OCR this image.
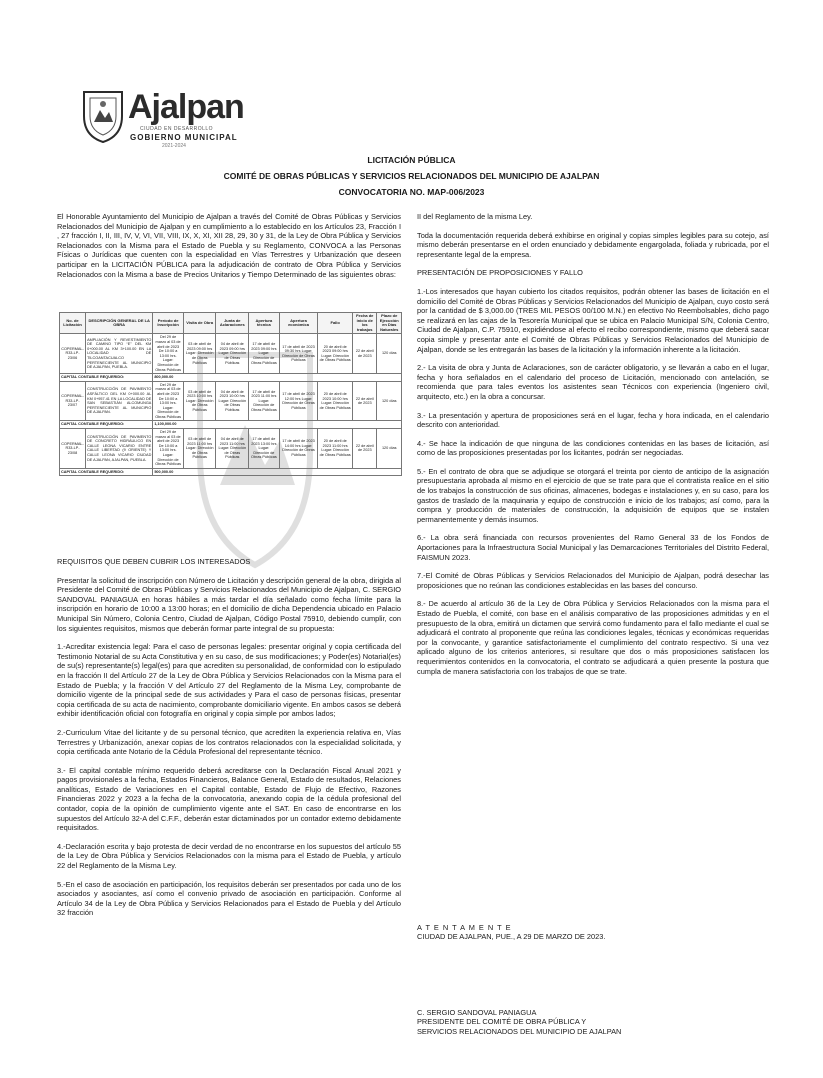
Ajalpan
CIUDAD EN DESARROLLO
GOBIERNO MUNICIPAL
2021-2024
LICITACIÓN PÚBLICA
COMITÉ DE OBRAS PÚBLICAS Y SERVICIOS RELACIONADOS DEL MUNICIPIO DE AJALPAN
CONVOCATORIA NO. MAP-006/2023

El Honorable Ayuntamiento del Municipio de Ajalpan a través del Comité de Obras Públicas y Servicios Relacionados del Municipio de Ajalpan y en cumplimiento a lo establecido en los Artículos 23, Fracción I , 27 fracción I, II, III, IV, V, VI, VII, VIII, IX, X, XI, XII 28, 29, 30 y 31, de la Ley de Obra Pública y Servicios Relacionados con la Misma para el Estado de Puebla y su Reglamento, CONVOCA a las Personas Físicas o Jurídicas que cuenten con la especialidad en Vías Terrestres y Urbanización que deseen participar en la LICITACIÓN PÚBLICA para la adjudicación de contrato de Obra Pública y Servicios Relacionados con la Misma a base de Precios Unitarios y Tiempo Determinado de las siguientes obras:

No. de Licitación	DESCRIPCIÓN GENERAL DE LA OBRA	Período de Inscripción	Visita de Obra	Junta de Aclaraciones	Apertura técnica	Apertura económica	Fallo	Fecha de inicio de los trabajos	Plazo de Ejecución en Días Naturales
COPERMAL-R33-LP-23/06	AMPLIACIÓN Y REVESTIMIENTO DE CAMINO TIPO “E” DEL KM 0+000.00 AL KM 3+100.00 EN LA LOCALIDAD DE TILCOANTACUALCO PERTENECIENTE AL MUNICIPIO DE AJALPAN, PUEBLA.	Del 29 de marzo al 03 de abril de 2023 De 10:00 a 13:00 hrs. Lugar: Dirección de Obras Públicas	03 de abril de 2023 09:00 hrs Lugar: Dirección de Obras Públicas	04 de abril de 2023 09:00 hrs Lugar: Dirección de Obras Públicas	17 de abril de 2023 09:00 hrs Lugar: Dirección de Obras Públicas	17 de abril de 2023 09:30 hrs Lugar: Dirección de Obras Públicas	20 de abril de 2023 09:00 hrs Lugar: Dirección de Obras Públicas	22 de abril de 2023	120 días
CAPITAL CONTABLE REQUERIDO:		800,000.00							
COPERMAL-R33-LP-23/07	CONSTRUCCIÓN DE PAVIMENTO ASFÁLTICO DEL KM 0+000.00 AL KM 0+957.41 EN LA LOCALIDAD DE SAN SEBASTIÁN ALCOMUNGA PERTENECIENTE AL MUNICIPIO DE AJALPAN.	Del 29 de marzo al 03 de abril de 2023 De 10:00 a 13:00 hrs. Lugar: Dirección de Obras Públicas	03 de abril de 2023 10:00 hrs Lugar: Dirección de Obras Públicas	04 de abril de 2023 10:00 hrs Lugar: Dirección de Obras Públicas	17 de abril de 2023 11:00 hrs Lugar: Dirección de Obras Públicas	17 de abril de 2023 12:00 hrs Lugar: Dirección de Obras Públicas	20 de abril de 2023 10:00 hrs Lugar: Dirección de Obras Públicas	22 de abril de 2023	120 días
CAPITAL CONTABLE REQUERIDO:		1,100,000.00							
COPERMAL-R33-LP-23/08	CONSTRUCCIÓN DE PAVIMENTO DE CONCRETO HIDRÁULICO EN CALLE LEONA VICARIO ENTRE CALLE LIBERTAD (9 ORIENTE) Y CALLE LEONA VICARIO CIUDAD DE AJALPAN, AJALPAN, PUEBLA.	Del 29 de marzo al 03 de abril de 2023 De 10:00 a 13:00 hrs. Lugar: Dirección de Obras Públicas	03 de abril de 2023 11:00 hrs Lugar: Dirección de Obras Públicas	04 de abril de 2023 11:00 hrs Lugar: Dirección de Obras Públicas	17 de abril de 2023 13:00 hrs Lugar: Dirección de Obras Públicas	17 de abril de 2023 14:00 hrs Lugar: Dirección de Obras Públicas	20 de abril de 2023 11:00 hrs Lugar: Dirección de Obras Públicas	22 de abril de 2023	120 días
CAPITAL CONTABLE REQUERIDO:		500,000.00							

REQUISITOS QUE DEBEN CUBRIR LOS INTERESADOS

Presentar la solicitud de inscripción con Número de Licitación y descripción general de la obra, dirigida al Presidente del Comité de Obras Públicas y Servicios Relacionados del Municipio de Ajalpan, C. SERGIO SANDOVAL PANIAGUA en horas hábiles a más tardar el día señalado como fecha límite para la inscripción en horario de 10:00 a 13:00 horas; en el domicilio de dicha Dependencia ubicado en Palacio Municipal Sin Número, Colonia Centro, Ciudad de Ajalpan, Código Postal 75910, debiendo cumplir, con los siguientes requisitos, mismos que deberán formar parte integral de su propuesta:

1.-Acreditar existencia legal: Para el caso de personas legales: presentar original y copia certificada del Testimonio Notarial de su Acta Constitutiva y en su caso, de sus modificaciones; y Poder(es) Notarial(es) de su(s) representante(s) legal(es) para que acrediten su personalidad, de conformidad con lo estipulado en la fracción II del Artículo 27 de la Ley de Obra Pública y Servicios Relacionados con la Misma para el Estado de Puebla; y la fracción V del Artículo 27 del Reglamento de la Misma Ley, comprobante de domicilio vigente de la principal sede de sus actividades y Para el caso de personas físicas, presentar copia certificada de su acta de nacimiento, comprobante domiciliario vigente. En ambos casos se deberá exhibir identificación oficial con fotografía en original y copia simple por ambos lados;

2.-Curriculum Vitae del licitante y de su personal técnico, que acrediten la experiencia relativa en, Vías Terrestres y Urbanización, anexar copias de los contratos relacionados con la especialidad solicitada, y copia certificada ante Notario de la Cédula Profesional del representante técnico.

3.- El capital contable mínimo requerido deberá acreditarse con la Declaración Fiscal Anual 2021 y pagos provisionales a la fecha, Estados Financieros, Balance General, Estado de resultados, Relaciones analíticas, Estado de Variaciones en el Capital contable, Estado de Flujo de Efectivo, Razones Financieras 2022 y 2023 a la fecha de la convocatoria, anexando copia de la cédula profesional del contador, copia de la opinión de cumplimiento vigente ante el SAT. En caso de encontrarse en los supuestos del Artículo 32-A del C.F.F., deberán estar dictaminados por un contador externo debidamente requisitados.

4.-Declaración escrita y bajo protesta de decir verdad de no encontrarse en los supuestos del artículo 55 de la Ley de Obra Pública y Servicios Relacionados con la misma para el Estado de Puebla, y artículo 22 del Reglamento de la Misma Ley.

5.-En el caso de asociación en participación, los requisitos deberán ser presentados por cada uno de los asociados y asociantes, así como el convenio privado de asociación en participación. Conforme al Artículo 34 de la Ley de Obra Pública y Servicios Relacionados para el Estado de Puebla y del Artículo 32 fracción

II del Reglamento de la misma Ley.

Toda la documentación requerida deberá exhibirse en original y copias simples legibles para su cotejo, así mismo deberán presentarse en el orden enunciado y debidamente engargolada, foliada y rubricada, por el representante legal de la empresa.

PRESENTACIÓN DE PROPOSICIONES Y FALLO

1.-Los interesados que hayan cubierto los citados requisitos, podrán obtener las bases de licitación en el domicilio del Comité de Obras Públicas y Servicios Relacionados del Municipio de Ajalpan, cuyo costo será por la cantidad de $ 3,000.00 (TRES MIL PESOS 00/100 M.N.) en efectivo No Reembolsables, dicho pago se realizará en las cajas de la Tesorería Municipal que se ubica en Palacio Municipal S/N, Colonia Centro, Ciudad de Ajalpan, C.P. 75910, expidiéndose al efecto el recibo correspondiente, mismo que deberá sacar copia simple y presentar ante el Comité de Obras Públicas y Servicios Relacionados del Municipio de Ajalpan, donde se les entregarán las bases de la licitación y la información inherente a la licitación.

2.- La visita de obra y Junta de Aclaraciones, son de carácter obligatorio, y se llevarán a cabo en el lugar, fecha y hora señalados en el calendario del proceso de Licitación, mencionado con antelación, se recomienda que para tales eventos los asistentes sean Técnicos con experiencia (Ingeniero civil, arquitecto, etc.) en la obra a concursar.

3.- La presentación y apertura de proposiciones será en el lugar, fecha y hora indicada, en el calendario descrito con anterioridad.

4.- Se hace la indicación de que ninguna de las condiciones contenidas en las bases de licitación, así como de las proposiciones presentadas por los licitantes, podrán ser negociadas.

5.- En el contrato de obra que se adjudique se otorgará el treinta por ciento de anticipo de la asignación presupuestaria aprobada al mismo en el ejercicio de que se trate para que el contratista realice en el sitio de los trabajos la construcción de sus oficinas, almacenes, bodegas e instalaciones y, en su caso, para los gastos de traslado de la maquinaria y equipo de construcción e inicio de los trabajos; así como, para la compra y producción de materiales de construcción, la adquisición de equipos que se instalen permanentemente y demás insumos.

6.- La obra será financiada con recursos provenientes del Ramo General 33 de los Fondos de Aportaciones para la Infraestructura Social Municipal y las Demarcaciones Territoriales del Distrito Federal, FAISMUN 2023.

7.-El Comité de Obras Públicas y Servicios Relacionados del Municipio de Ajalpan, podrá desechar las proposiciones que no reúnan las condiciones establecidas en las bases del concurso.

8.- De acuerdo al artículo 36 de la Ley de Obra Pública y Servicios Relacionados con la misma para el Estado de Puebla, el comité, con base en el análisis comparativo de las proposiciones admitidas y en el presupuesto de la obra, emitirá un dictamen que servirá como fundamento para el fallo mediante el cual se adjudicará el contrato al proponente que reúna las condiciones legales, técnicas y económicas requeridas por la convocante, y garantice satisfactoriamente el cumplimiento del contrato respectivo. Si una vez aplicado alguno de los criterios anteriores, si resultare que dos o más proposiciones satisfacen los requerimientos contenidos en la convocatoria, el contrato se adjudicará a quien presente la postura que cumpla de manera satisfactoria con los trabajos de que se trate.

A T E N T A M E N T E
CIUDAD DE AJALPAN, PUE., A 29 DE MARZO DE 2023.
C. SERGIO SANDOVAL PANIAGUA
PRESIDENTE DEL COMITÉ DE OBRA PÚBLICA Y
SERVICIOS RELACIONADOS DEL MUNICIPIO DE AJALPAN
